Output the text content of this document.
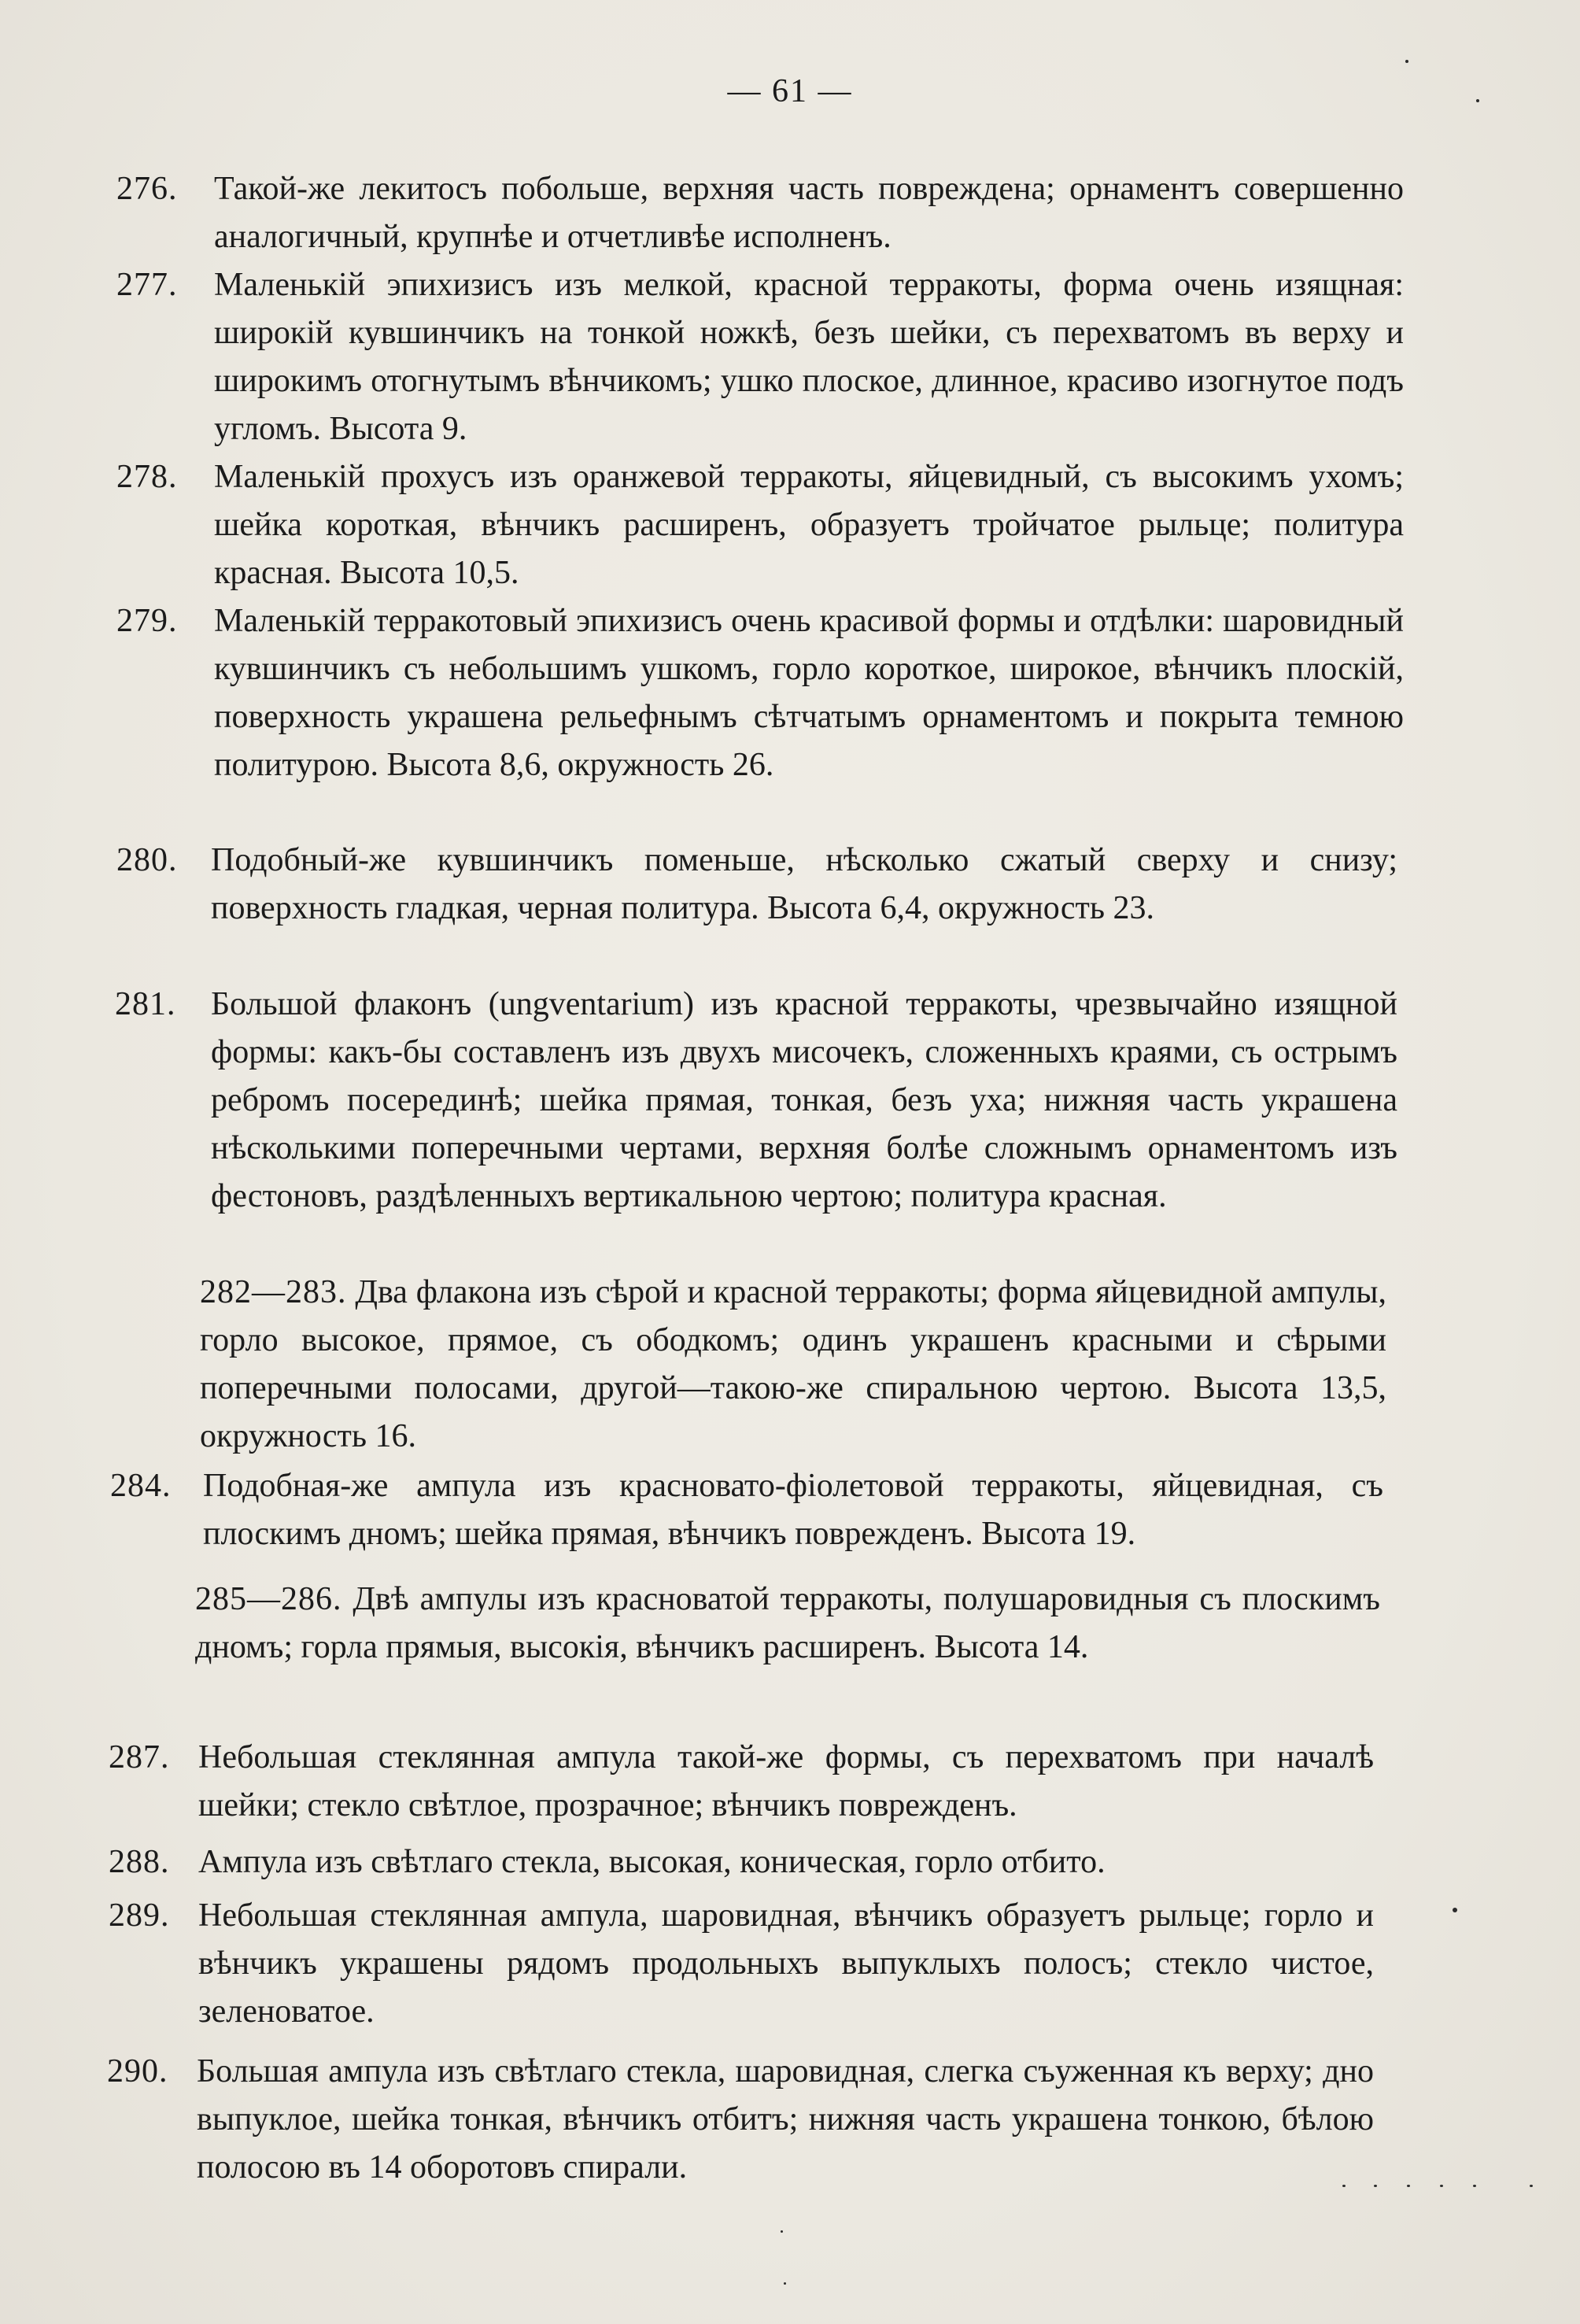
— 61 —
276.	Такой-же лекитосъ побольше, верхняя часть повреждена; орнаментъ совершенно аналогичный, крупнѣе и отчетливѣе исполненъ.
277.	Маленькій эпихизисъ изъ мелкой, красной терракоты, форма очень изящная: широкій кувшинчикъ на тонкой ножкѣ, безъ шейки, съ перехватомъ въ верху и широкимъ отогнутымъ вѣнчикомъ; ушко плоское, длинное, красиво изогнутое подъ угломъ. Высота 9.
278.	Маленькій прохусъ изъ оранжевой терракоты, яйцевидный, съ высокимъ ухомъ; шейка короткая, вѣнчикъ расширенъ, образуетъ тройчатое рыльце; политура красная. Высота 10,5.
279.	Маленькій терракотовый эпихизисъ очень красивой формы и отдѣлки: шаровидный кувшинчикъ съ небольшимъ ушкомъ, горло короткое, широкое, вѣнчикъ плоскій, поверхность украшена рельефнымъ сѣтчатымъ орнаментомъ и покрыта темною политурою. Высота 8,6, окружность 26.
280.	Подобный-же кувшинчикъ поменьше, нѣсколько сжатый сверху и снизу; поверхность гладкая, черная политура. Высота 6,4, окружность 23.
281.	Большой флаконъ (ungventarium) изъ красной терракоты, чрезвычайно изящной формы: какъ-бы составленъ изъ двухъ мисочекъ, сложенныхъ краями, съ острымъ ребромъ посерединѣ; шейка прямая, тонкая, безъ уха; нижняя часть украшена нѣсколькими поперечными чертами, верхняя болѣе сложнымъ орнаментомъ изъ фестоновъ, раздѣленныхъ вертикальною чертою; политура красная.
282—283. Два флакона изъ сѣрой и красной терракоты; форма яйцевидной ампулы, горло высокое, прямое, съ ободкомъ; одинъ украшенъ красными и сѣрыми поперечными полосами, другой—такою-же спиральною чертою. Высота 13,5, окружность 16.
284. Подобная-же ампула изъ красновато-фіолетовой терракоты, яйцевидная, съ плоскимъ дномъ; шейка прямая, вѣнчикъ поврежденъ. Высота 19.
285—286. Двѣ ампулы изъ красноватой терракоты, полушаровидныя съ плоскимъ дномъ; горла прямыя, высокія, вѣнчикъ расширенъ. Высота 14.
287. Небольшая стеклянная ампула такой-же формы, съ перехватомъ при началѣ шейки; стекло свѣтлое, прозрачное; вѣнчикъ поврежденъ.
288. Ампула изъ свѣтлаго стекла, высокая, коническая, горло отбито.
289. Небольшая стеклянная ампула, шаровидная, вѣнчикъ образуетъ рыльце; горло и вѣнчикъ украшены рядомъ продольныхъ выпуклыхъ полосъ; стекло чистое, зеленоватое.
290. Большая ампула изъ свѣтлаго стекла, шаровидная, слегка съуженная къ верху; дно выпуклое, шейка тонкая, вѣнчикъ отбитъ; нижняя часть украшена тонкою, бѣлою полосою въ 14 оборотовъ спирали.
